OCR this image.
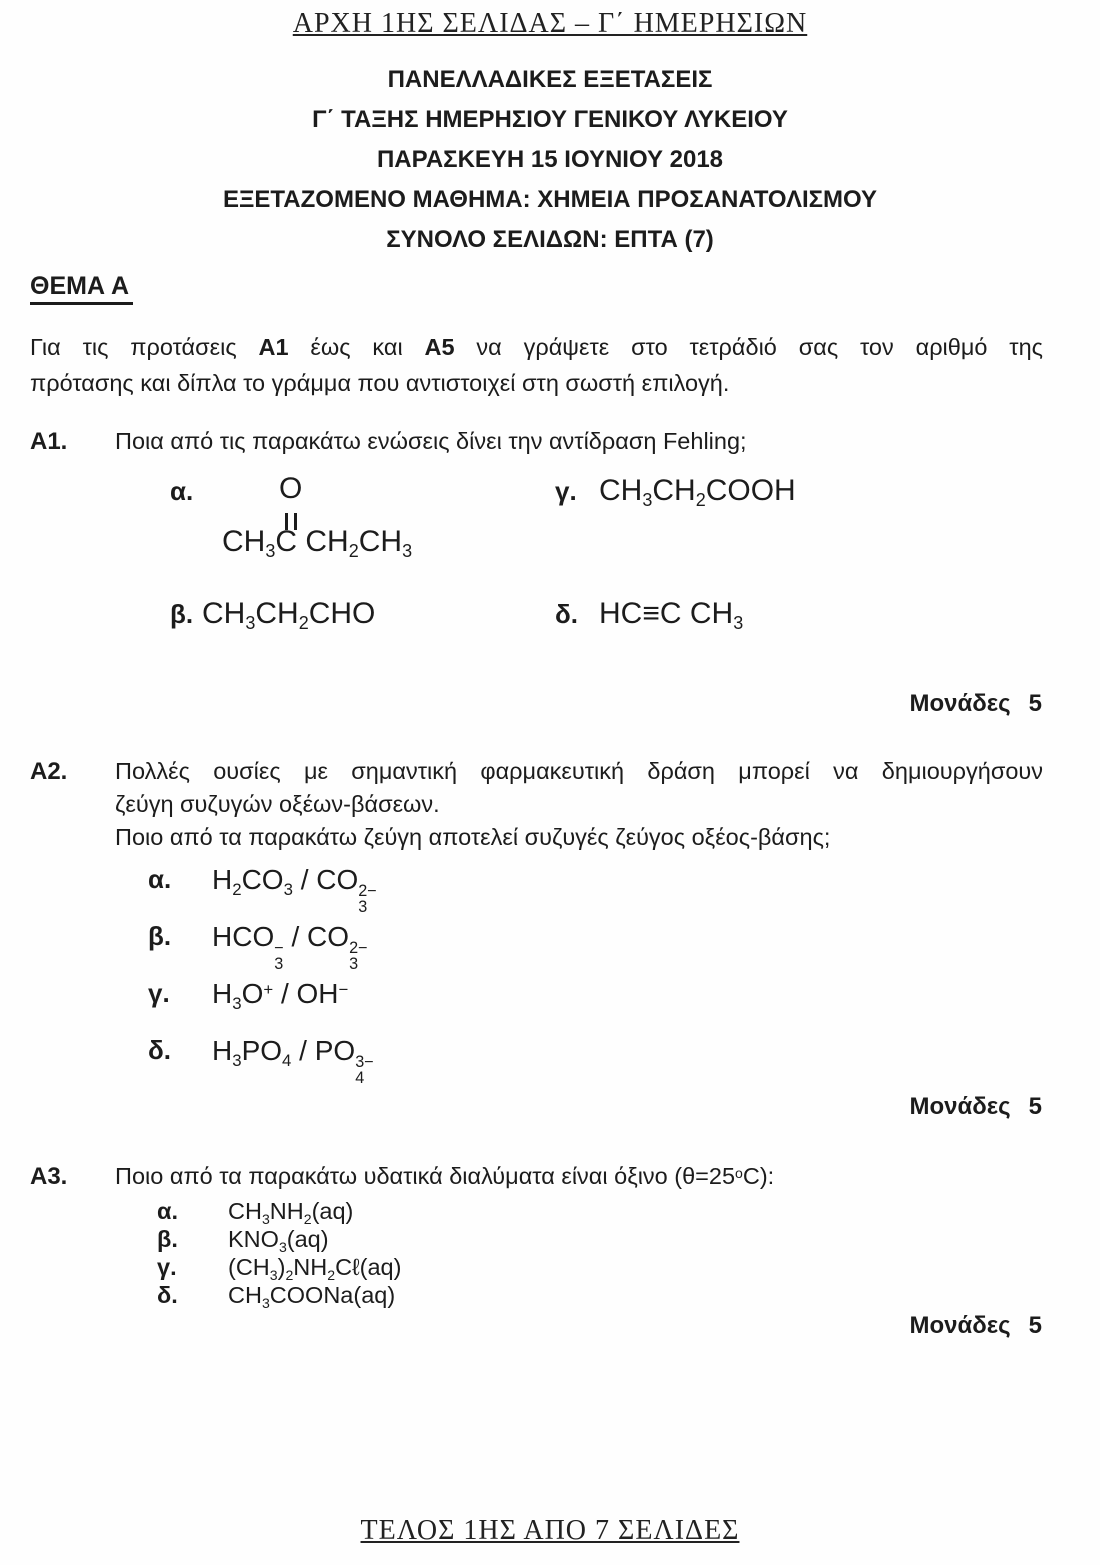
ΑΡΧΗ 1ΗΣ ΣΕΛΙΔΑΣ – Γ΄ ΗΜΕΡΗΣΙΩΝ
ΠΑΝΕΛΛΑΔΙΚΕΣ ΕΞΕΤΑΣΕΙΣ
Γ΄ ΤΑΞΗΣ ΗΜΕΡΗΣΙΟΥ ΓΕΝΙΚΟΥ ΛΥΚΕΙΟΥ
ΠΑΡΑΣΚΕΥΗ 15 ΙΟΥΝΙΟΥ 2018
ΕΞΕΤΑΖΟΜΕΝΟ ΜΑΘΗΜΑ: ΧΗΜΕΙΑ ΠΡΟΣΑΝΑΤΟΛΙΣΜΟΥ
ΣΥΝΟΛΟ ΣΕΛΙΔΩΝ: ΕΠΤΑ (7)
ΘΕΜΑ Α
Για τις προτάσεις Α1 έως και Α5 να γράψετε στο τετράδιό σας τον αριθμό της
πρότασης και δίπλα το γράμμα που αντιστοιχεί στη σωστή επιλογή.
Α1.	Ποια από τις παρακάτω ενώσεις δίνει την αντίδραση Fehling;
α.	O
$CH_3C$ $CH_2CH_3$
γ. $CH_3CH_2COOH$
β. $CH_3CH_2CHO$	δ. HC≡C $CH_3$
Μονάδες 5
Α2.	Πολλές ουσίες με σημαντική φαρμακευτική δράση μπορεί να δημιουργήσουν
ζεύγη συζυγών οξέων-βάσεων.
Ποιο από τα παρακάτω ζεύγη αποτελεί συζυγές ζεύγος οξέος-βάσης;
α.	$H_2CO_3$ / CO 2−
3
β.	HCO −
3
/ CO 2−
3
γ.	$H_3O^+ / OH^-$
δ.	$H_3PO_4$ / PO 3−
4
Μονάδες 5
Α3.	Ποιο από τα παρακάτω υδατικά διαλύματα είναι όξινο $(\theta=25^oC)$:
α.	$CH_3NH_2(aq)$
β.	$KNO_3(aq)$
γ.	$(CH_3)_2NH_2C\ell(aq)$
δ.	$CH_3COONa(aq)$
Μονάδες 5
ΤΕΛΟΣ 1ΗΣ ΑΠΟ 7 ΣΕΛΙΔΕΣ
